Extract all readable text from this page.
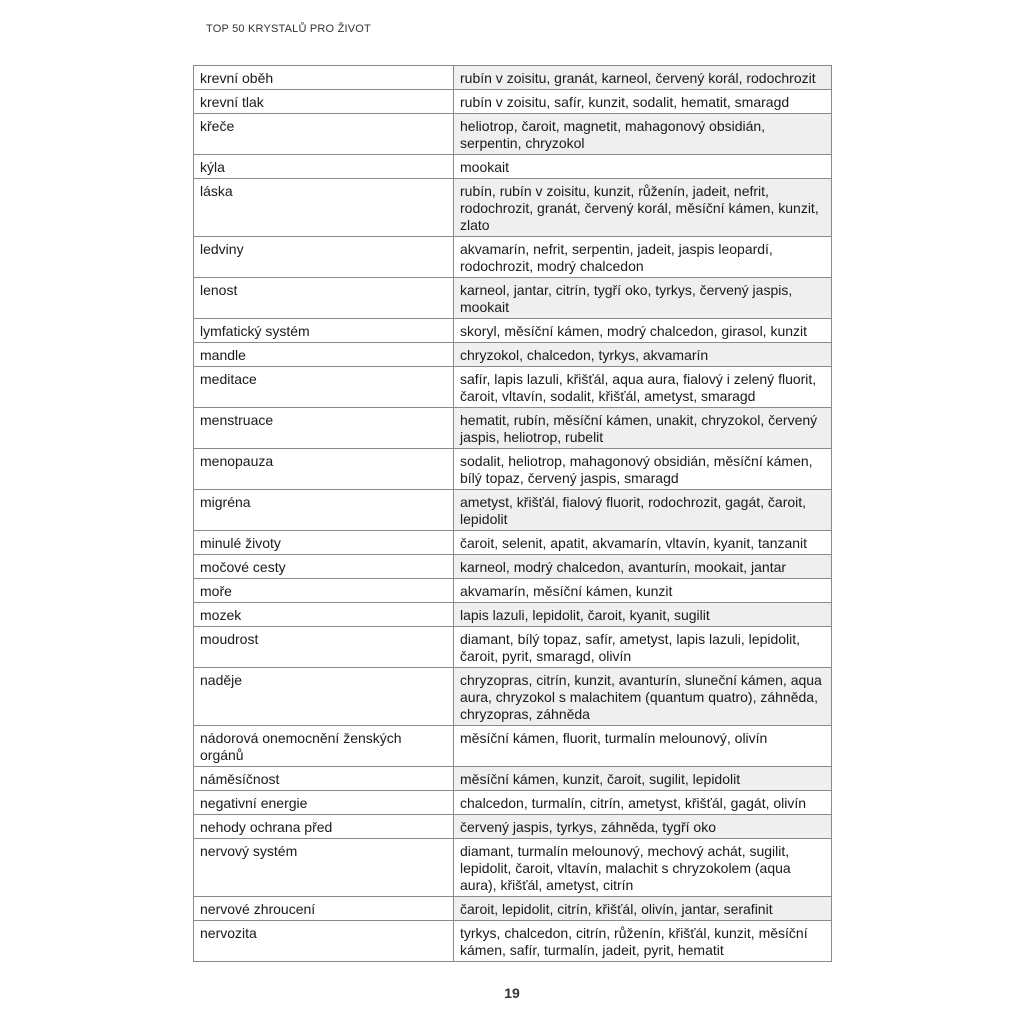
TOP 50 KRYSTALŮ PRO ŽIVOT
krevní oběh	rubín v zoisitu, granát, karneol, červený korál, rodochrozit
krevní tlak	rubín v zoisitu, safír, kunzit, sodalit, hematit, smaragd
křeče	heliotrop, čaroit, magnetit, mahagonový obsidián, serpentin, chryzokol
kýla	mookait
láska	rubín, rubín v zoisitu, kunzit, růženín, jadeit, nefrit, rodochrozit, granát, červený korál, měsíční kámen, kunzit, zlato
ledviny	akvamarín, nefrit, serpentin, jadeit, jaspis leopardí, rodochrozit, modrý chalcedon
lenost	karneol, jantar, citrín, tygří oko, tyrkys, červený jaspis, mookait
lymfatický systém	skoryl, měsíční kámen, modrý chalcedon, girasol, kunzit
mandle	chryzokol, chalcedon, tyrkys, akvamarín
meditace	safír, lapis lazuli, křišťál, aqua aura, fialový i zelený fluorit, čaroit, vltavín, sodalit, křišťál, ametyst, smaragd
menstruace	hematit, rubín, měsíční kámen, unakit, chryzokol, červený jaspis, heliotrop, rubelit
menopauza	sodalit, heliotrop, mahagonový obsidián, měsíční kámen, bílý topaz, červený jaspis, smaragd
migréna	ametyst, křišťál, fialový fluorit, rodochrozit, gagát, čaroit, lepidolit
minulé životy	čaroit, selenit, apatit, akvamarín, vltavín, kyanit, tanzanit
močové cesty	karneol, modrý chalcedon, avanturín, mookait, jantar
moře	akvamarín, měsíční kámen, kunzit
mozek	lapis lazuli, lepidolit, čaroit, kyanit, sugilit
moudrost	diamant, bílý topaz, safír, ametyst, lapis lazuli, lepidolit, čaroit, pyrit, smaragd, olivín
naděje	chryzopras, citrín, kunzit, avanturín, sluneční kámen, aqua aura, chryzokol s malachitem (quantum quatro), záhněda, chryzopras, záhněda
nádorová onemocnění ženských orgánů	měsíční kámen, fluorit, turmalín melounový, olivín
náměsíčnost	měsíční kámen, kunzit, čaroit, sugilit, lepidolit
negativní energie	chalcedon, turmalín, citrín, ametyst, křišťál, gagát, olivín
nehody ochrana před	červený jaspis, tyrkys, záhněda, tygří oko
nervový systém	diamant, turmalín melounový, mechový achát, sugilit, lepidolit, čaroit, vltavín, malachit s chryzokolem (aqua aura), křišťál, ametyst, citrín
nervové zhroucení	čaroit, lepidolit, citrín, křišťál, olivín, jantar, serafinit
nervozita	tyrkys, chalcedon, citrín, růženín, křišťál, kunzit, měsíční kámen, safír, turmalín, jadeit, pyrit, hematit
19
